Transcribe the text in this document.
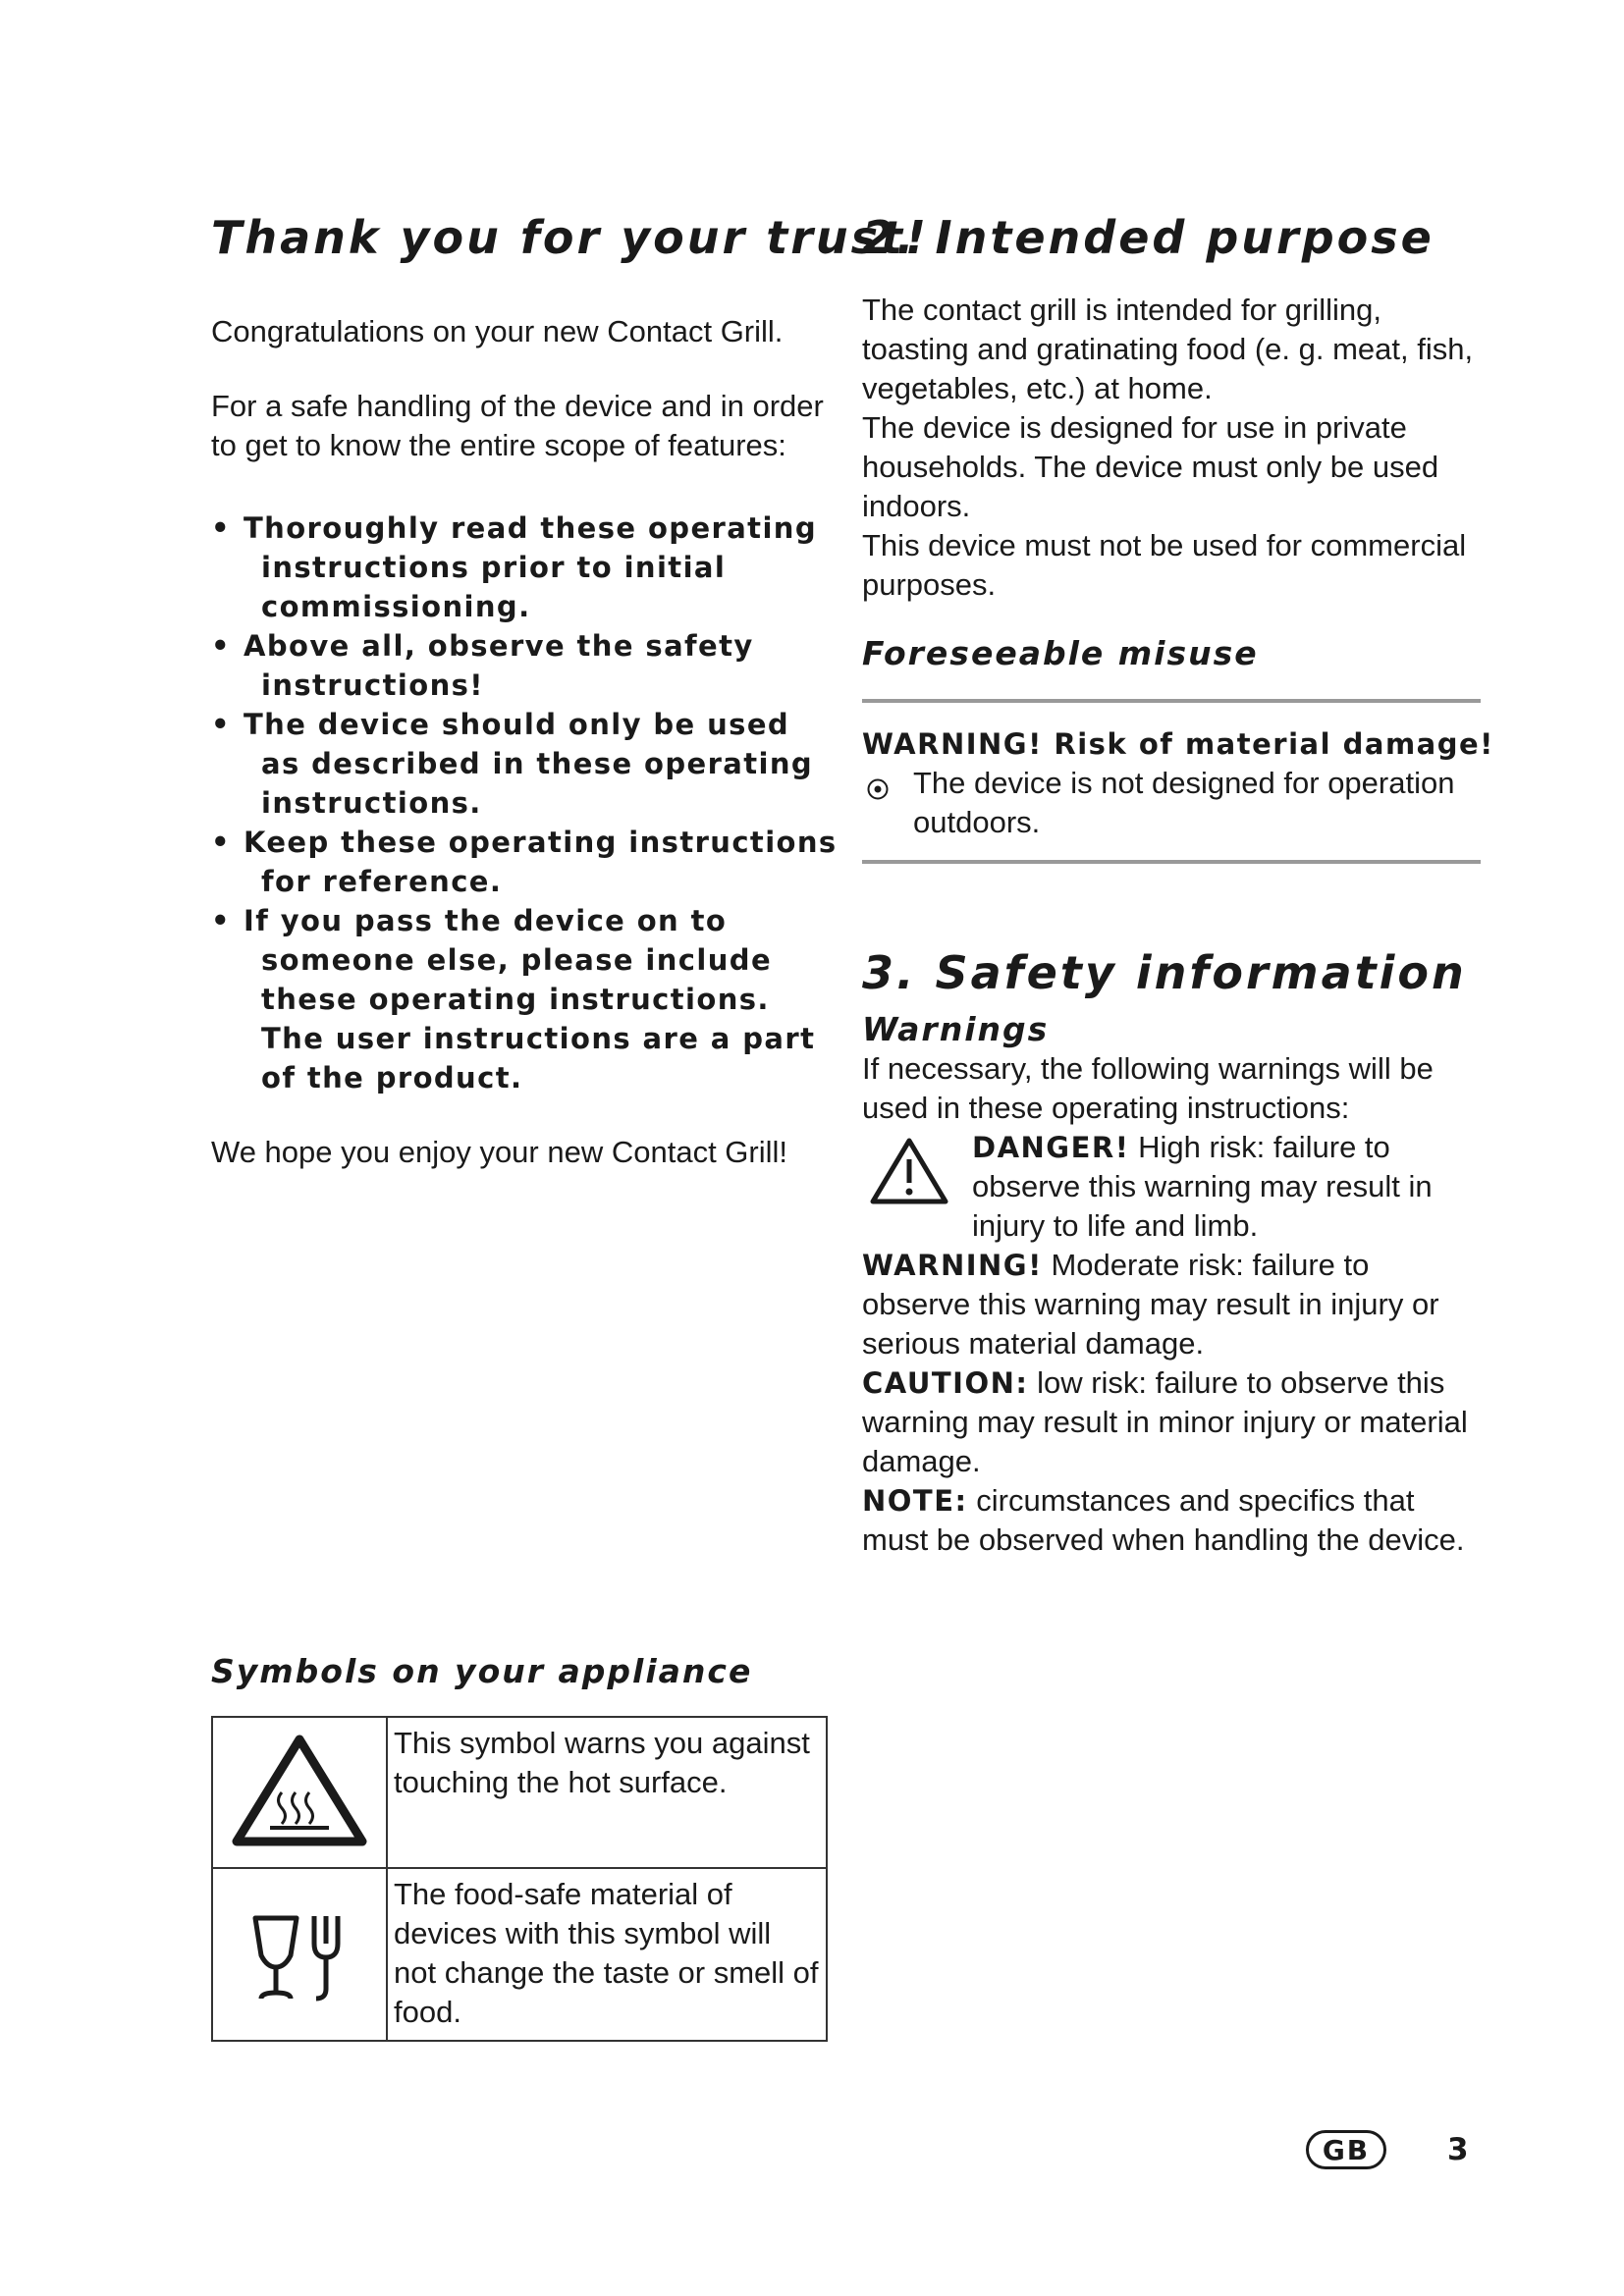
Thank you for your trust!

Congratulations on your new Contact Grill.

For a safe handling of the device and in order to get to know the entire scope of features:

• Thoroughly read these operating instructions prior to initial commissioning.
• Above all, observe the safety instructions!
• The device should only be used as described in these operating instructions.
• Keep these operating instructions for reference.
• If you pass the device on to someone else, please include these operating instructions. The user instructions are a part of the product.

We hope you enjoy your new Contact Grill!

Symbols on your appliance
	This symbol warns you against touching the hot surface.
	The food-safe material of devices with this symbol will not change the taste or smell of food.
2. Intended purpose

The contact grill is intended for grilling, toasting and gratinating food (e. g. meat, fish, vegetables, etc.) at home.

The device is designed for use in private households. The device must only be used indoors.

This device must not be used for commercial purposes.

Foreseeable misuse
WARNING! Risk of material damage!
The device is not designed for operation outdoors.
3. Safety information
Warnings

If necessary, the following warnings will be used in these operating instructions:

DANGER! High risk: failure to observe this warning may result in injury to life and limb.

WARNING! Moderate risk: failure to observe this warning may result in injury or serious material damage.

CAUTION: low risk: failure to observe this warning may result in minor injury or material damage.

NOTE: circumstances and specifics that must be observed when handling the device.

GB	3
